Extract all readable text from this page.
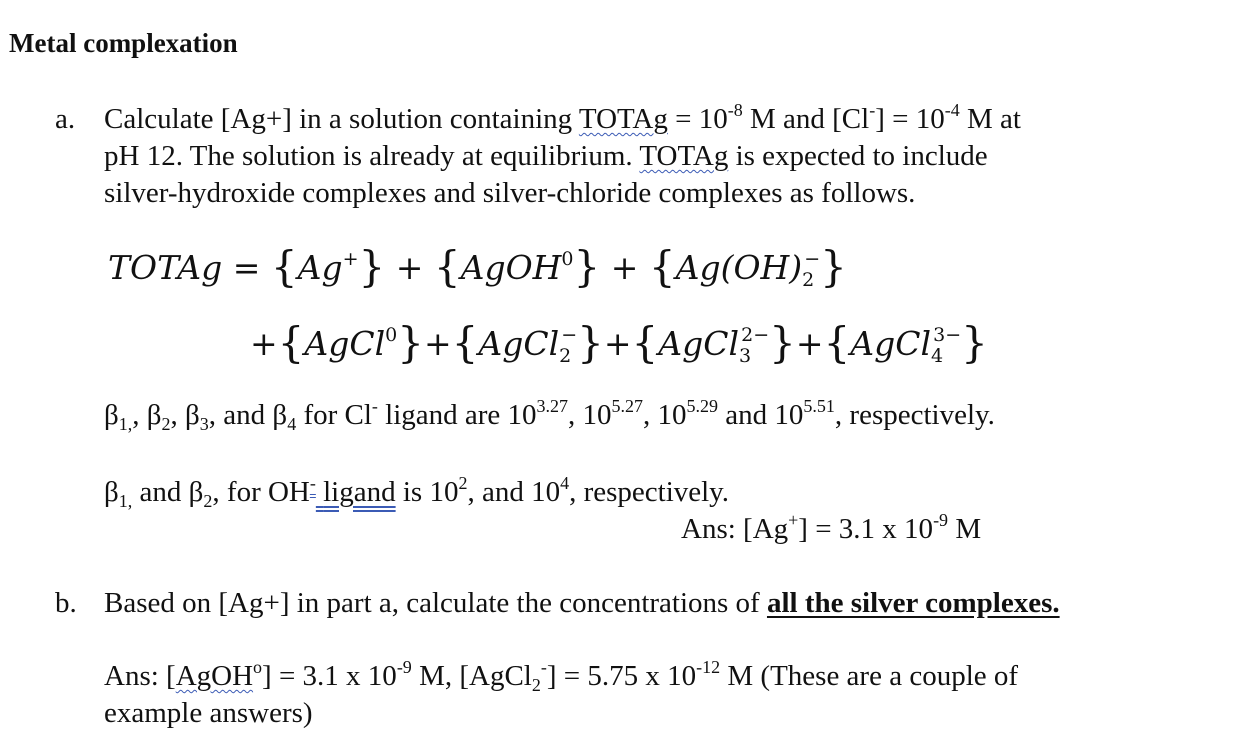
Metal complexation
a. Calculate [Ag+] in a solution containing TOTAg = $10^{-8}$ M and $[Cl^-] = 10^{-4}$ M at
pH 12. The solution is already at equilibrium. TOTAg is expected to include
silver-hydroxide complexes and silver-chloride complexes as follows.
TOTAg = {Ag+} + {AgOH$^0$} + $\{Ag(OH)_2^-\}$
+{AgCl$^0$}+{AgCl$_2$−}+{AgCl$_3^{2-}$}+{AgCl$_4^{3-}$}
$\beta_{1,}$, $\beta_2$, $\beta_3$, and $\beta_4$ for Cl- ligand are $10^{3.27}$, $10^{5.27}$, $10^{5.29}$ and $10^{5.51}$, respectively.
$\beta_{1,}$ and $\beta_2$, for OH- ligand is $10^2$, and $10^4$, respectively.
Ans: [Ag+] = 3.1 x $10^{-9}$ M
b. Based on [Ag+] in part a, calculate the concentrations of all the silver complexes.
Ans: [AgOH$^o$] = 3.1 x $10^{-9}$ M, [AgCl$_2$-] = 5.75 x $10^{-12}$ M (These are a couple of
example answers)
